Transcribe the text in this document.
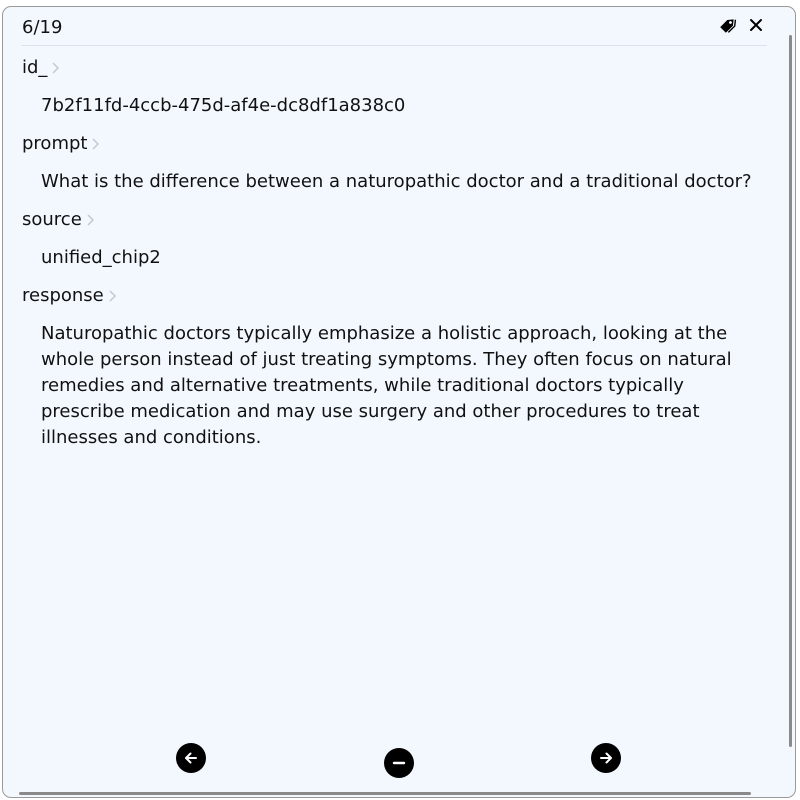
6/19
id_
7b2f11fd-4ccb-475d-af4e-dc8df1a838c0
prompt
What is the difference between a naturopathic doctor and a traditional doctor?
source
unified_chip2
response
Naturopathic doctors typically emphasize a holistic approach, looking at the whole person instead of just treating symptoms. They often focus on natural remedies and alternative treatments, while traditional doctors typically prescribe medication and may use surgery and other procedures to treat illnesses and conditions.
